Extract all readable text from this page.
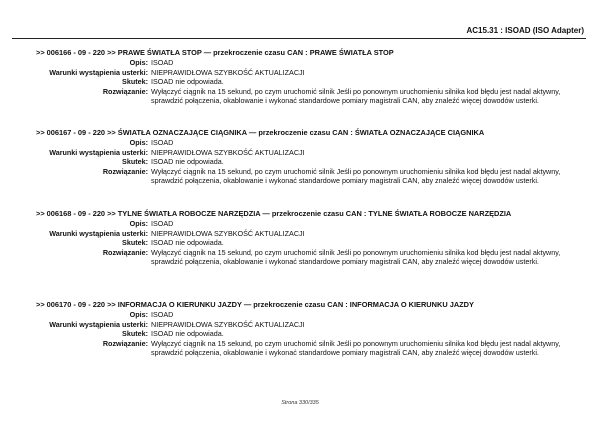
AC15.31 : ISOAD (ISO Adapter)
>> 006166 - 09 - 220 >> PRAWE ŚWIATŁA STOP — przekroczenie czasu CAN : PRAWE ŚWIATŁA STOP
Opis: ISOAD
Warunki wystąpienia usterki: NIEPRAWIDŁOWA SZYBKOŚĆ AKTUALIZACJI
Skutek: ISOAD nie odpowiada.
Rozwiązanie: Wyłączyć ciągnik na 15 sekund, po czym uruchomić silnik Jeśli po ponownym uruchomieniu silnika kod błędu jest nadal aktywny, sprawdzić połączenia, okablowanie i wykonać standardowe pomiary magistrali CAN, aby znaleźć więcej dowodów usterki.
>> 006167 - 09 - 220 >> ŚWIATŁA OZNACZAJĄCE CIĄGNIKA — przekroczenie czasu CAN : ŚWIATŁA OZNACZAJĄCE CIĄGNIKA
Opis: ISOAD
Warunki wystąpienia usterki: NIEPRAWIDŁOWA SZYBKOŚĆ AKTUALIZACJI
Skutek: ISOAD nie odpowiada.
Rozwiązanie: Wyłączyć ciągnik na 15 sekund, po czym uruchomić silnik Jeśli po ponownym uruchomieniu silnika kod błędu jest nadal aktywny, sprawdzić połączenia, okablowanie i wykonać standardowe pomiary magistrali CAN, aby znaleźć więcej dowodów usterki.
>> 006168 - 09 - 220 >> TYLNE ŚWIATŁA ROBOCZE NARZĘDZIA — przekroczenie czasu CAN : TYLNE ŚWIATŁA ROBOCZE NARZĘDZIA
Opis: ISOAD
Warunki wystąpienia usterki: NIEPRAWIDŁOWA SZYBKOŚĆ AKTUALIZACJI
Skutek: ISOAD nie odpowiada.
Rozwiązanie: Wyłączyć ciągnik na 15 sekund, po czym uruchomić silnik Jeśli po ponownym uruchomieniu silnika kod błędu jest nadal aktywny, sprawdzić połączenia, okablowanie i wykonać standardowe pomiary magistrali CAN, aby znaleźć więcej dowodów usterki.
>> 006170 - 09 - 220 >> INFORMACJA O KIERUNKU JAZDY — przekroczenie czasu CAN : INFORMACJA O KIERUNKU JAZDY
Opis: ISOAD
Warunki wystąpienia usterki: NIEPRAWIDŁOWA SZYBKOŚĆ AKTUALIZACJI
Skutek: ISOAD nie odpowiada.
Rozwiązanie: Wyłączyć ciągnik na 15 sekund, po czym uruchomić silnik Jeśli po ponownym uruchomieniu silnika kod błędu jest nadal aktywny, sprawdzić połączenia, okablowanie i wykonać standardowe pomiary magistrali CAN, aby znaleźć więcej dowodów usterki.
Strona 330/335
